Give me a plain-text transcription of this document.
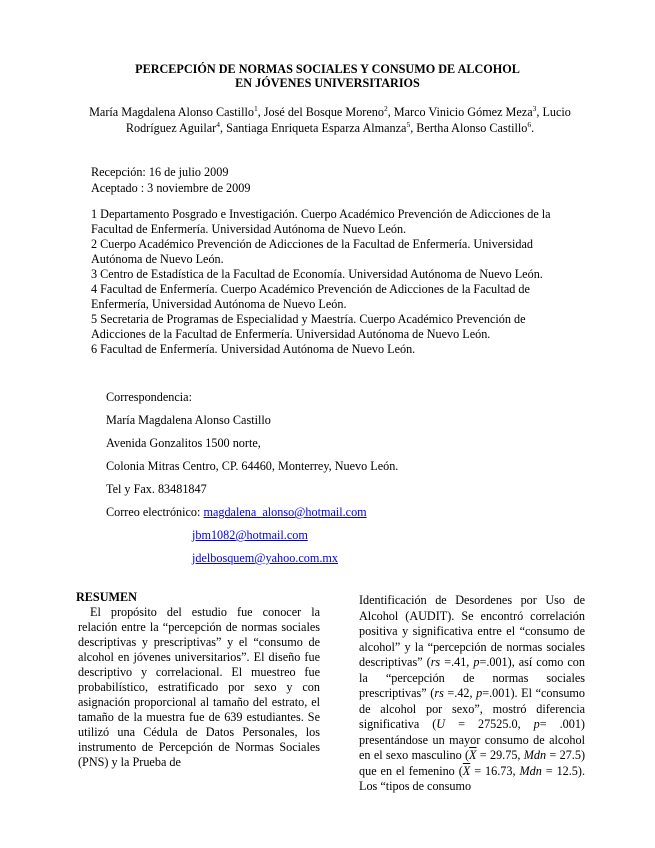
PERCEPCIÓN DE NORMAS SOCIALES Y CONSUMO DE ALCOHOL
EN JÓVENES UNIVERSITARIOS
María Magdalena Alonso Castillo$^1$, José del Bosque Moreno$^2$, Marco Vinicio Gómez Meza$^3$, Lucio Rodríguez Aguilar$^4$, Santiaga Enriqueta Esparza Almanza$^5$, Bertha Alonso Castillo$^6$.
Recepción: 16 de julio 2009
Aceptado : 3 noviembre de 2009

1 Departamento Posgrado e Investigación. Cuerpo Académico Prevención de Adicciones de la Facultad de Enfermería. Universidad Autónoma de Nuevo León.

2 Cuerpo Académico Prevención de Adicciones de la Facultad de Enfermería. Universidad Autónoma de Nuevo León.

3 Centro de Estadística de la Facultad de Economía. Universidad Autónoma de Nuevo León.

4 Facultad de Enfermería. Cuerpo Académico Prevención de Adicciones de la Facultad de Enfermería, Universidad Autónoma de Nuevo León.

5 Secretaria de Programas de Especialidad y Maestría. Cuerpo Académico Prevención de Adicciones de la Facultad de Enfermería. Universidad Autónoma de Nuevo León.

6 Facultad de Enfermería. Universidad Autónoma de Nuevo León.

Correspondencia:
María Magdalena Alonso Castillo
Avenida Gonzalitos 1500 norte,
Colonia Mitras Centro, CP. 64460, Monterrey, Nuevo León.
Tel y Fax. 83481847
Correo electrónico: magdalena_alonso@hotmail.com
jbm1082@hotmail.com
jdelbosquem@yahoo.com.mx
RESUMEN

El propósito del estudio fue conocer la relación entre la “percepción de normas sociales descriptivas y prescriptivas” y el “consumo de alcohol en jóvenes universitarios”. El diseño fue descriptivo y correlacional. El muestreo fue probabilístico, estratificado por sexo y con asignación proporcional al tamaño del estrato, el tamaño de la muestra fue de 639 estudiantes. Se utilizó una Cédula de Datos Personales, los instrumento de Percepción de Normas Sociales (PNS) y la Prueba de

Identificación de Desordenes por Uso de Alcohol (AUDIT). Se encontró correlación positiva y significativa entre el “consumo de alcohol” y la “percepción de normas sociales descriptivas” (rs =.41, p=.001), así como con la “percepción de normas sociales prescriptivas” (rs =.42, p=.001). El “consumo de alcohol por sexo”, mostró diferencia significativa (U = 27525.0, p= .001) presentándose un mayor consumo de alcohol en el sexo masculino ($\overline{X} = 29.75$, Mdn = 27.5) que en el femenino ($\overline{X} = 16.73$, Mdn = 12.5). Los “tipos de consumo
